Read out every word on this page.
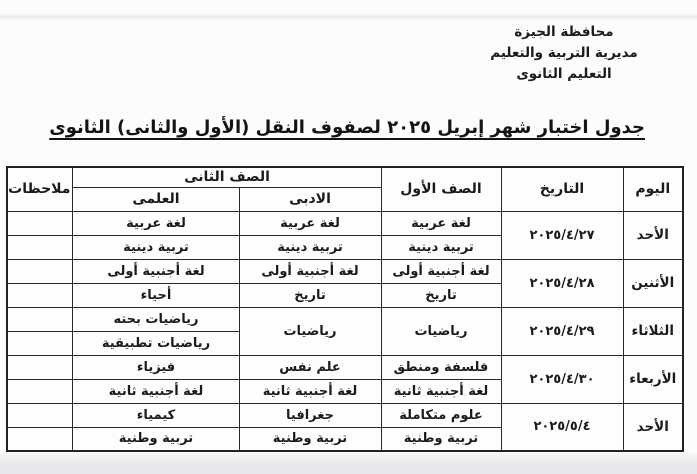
محافظة الجيزة
مديرية التربية والتعليم
التعليم الثانوى
جدول اختبار شهر إبريل ٢٠٢٥ لصفوف النقل (الأول والثانى) الثانوى
اليوم	التاريخ	الصف الأول	الصف الثانى		ملاحظات
			الادبى	العلمى	
الأحد	٢٠٢٥/٤/٢٧	لغة عربية	لغة عربية	لغة عربية	
		تربية دينية	تربية دينية	تربية دينية	
الأثنين	٢٠٢٥/٤/٢٨	لغة أجنبية أولى	لغة أجنبية أولى	لغة أجنبية أولى	
		تاريخ	تاريخ	أحياء	
الثلاثاء	٢٠٢٥/٤/٢٩	رياضيات	رياضيات	رياضيات بحته	
				رياضيات تطبيقية	
الأربعاء	٢٠٢٥/٤/٣٠	فلسفة ومنطق	علم نفس	فيزياء	
		لغة أجنبية ثانية	لغة أجنبية ثانية	لغة أجنبية ثانية	
الأحد	٢٠٢٥/٥/٤	علوم متكاملة	جغرافيا	كيمياء	
		تربية وطنية	تربية وطنية	تربية وطنية	
